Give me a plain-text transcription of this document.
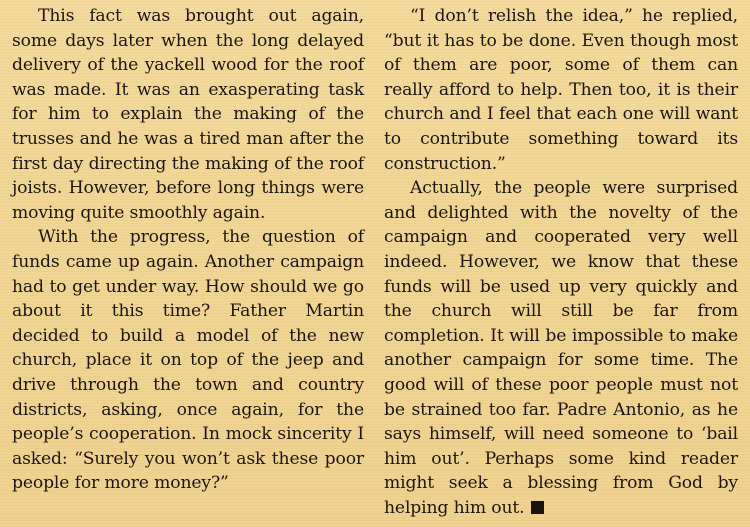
This fact was brought out again, some days later when the long delayed delivery of the yackell wood for the roof was made. It was an exasperating task for him to explain the making of the trusses and he was a tired man after the first day directing the making of the roof joists. However, before long things were moving quite smoothly again.

With the progress, the question of funds came up again. Another campaign had to get under way. How should we go about it this time? Father Martin decided to build a model of the new church, place it on top of the jeep and drive through the town and country districts, asking, once again, for the people’s cooperation. In mock sincerity I asked: “Surely you won’t ask these poor people for more money?”

“I don’t relish the idea,” he replied, “but it has to be done. Even though most of them are poor, some of them can really afford to help. Then too, it is their church and I feel that each one will want to contribute something toward its construction.”

Actually, the people were surprised and delighted with the novelty of the campaign and cooperated very well indeed. However, we know that these funds will be used up very quickly and the church will still be far from completion. It will be impossible to make another campaign for some time. The good will of these poor people must not be strained too far. Padre Antonio, as he says himself, will need someone to ‘bail him out’. Perhaps some kind reader might seek a blessing from God by helping him out.
